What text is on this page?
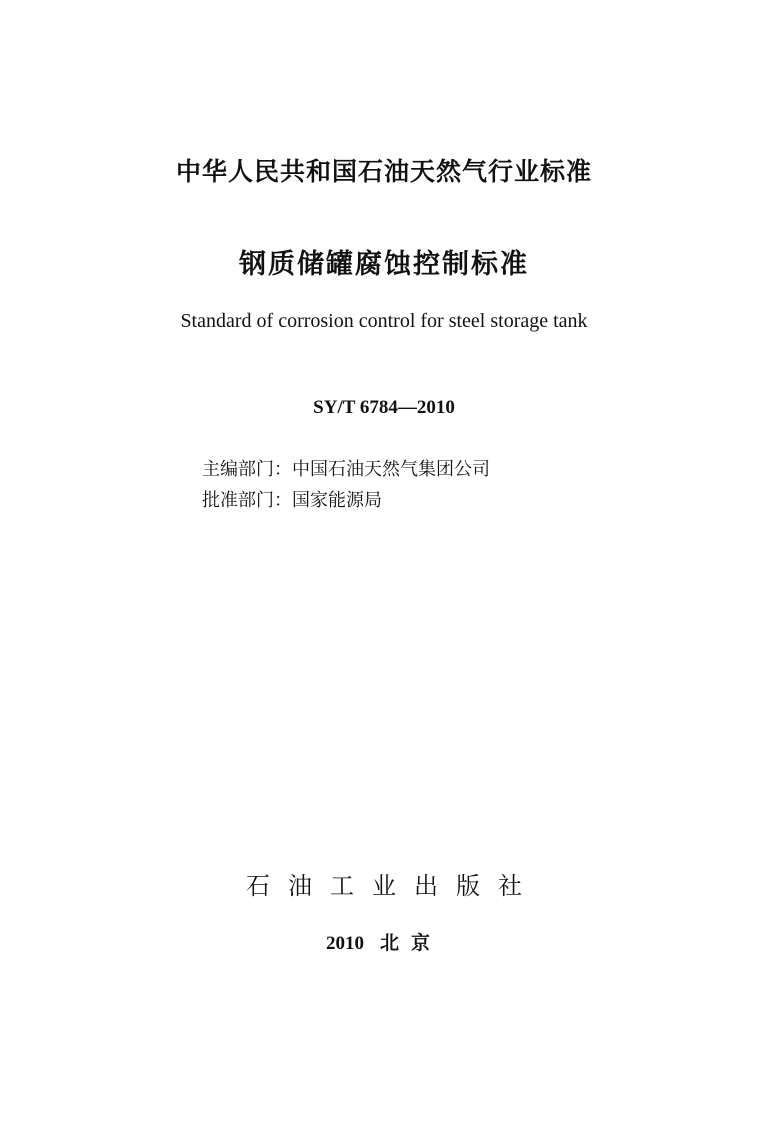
中华人民共和国石油天然气行业标准
钢质储罐腐蚀控制标准
Standard of corrosion control for steel storage tank
SY/T 6784—2010
主编部门：中国石油天然气集团公司
批准部门：国家能源局
石油工业出版社
2010 北京
